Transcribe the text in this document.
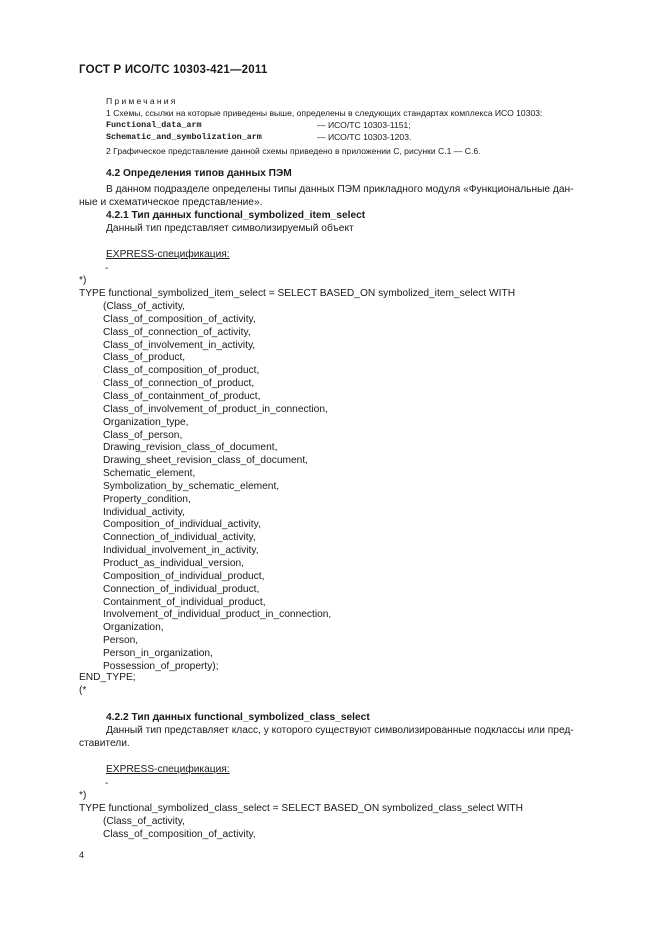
ГОСТ Р ИСО/ТС 10303-421—2011
Примечания
1 Схемы, ссылки на которые приведены выше, определены в следующих стандартах комплекса ИСО 10303:
Functional_data_arm	— ИСО/ТС 10303-1151;
Schematic_and_symbolization_arm	— ИСО/ТС 10303-1203.
2 Графическое представление данной схемы приведено в приложении C, рисунки C.1 — C.6.
4.2 Определения типов данных ПЭМ
В данном подразделе определены типы данных ПЭМ прикладного модуля «Функциональные дан-
ные и схематическое представление».
4.2.1 Тип данных functional_symbolized_item_select
Данный тип представляет символизируемый объект
EXPRESS-спецификация:
-
*)
TYPE functional_symbolized_item_select = SELECT BASED_ON symbolized_item_select WITH
(Class_of_activity,
Class_of_composition_of_activity,
Class_of_connection_of_activity,
Class_of_involvement_in_activity,
Class_of_product,
Class_of_composition_of_product,
Class_of_connection_of_product,
Class_of_containment_of_product,
Class_of_involvement_of_product_in_connection,
Organization_type,
Class_of_person,
Drawing_revision_class_of_document,
Drawing_sheet_revision_class_of_document,
Schematic_element,
Symbolization_by_schematic_element,
Property_condition,
Individual_activity,
Composition_of_individual_activity,
Connection_of_individual_activity,
Individual_involvement_in_activity,
Product_as_individual_version,
Composition_of_individual_product,
Connection_of_individual_product,
Containment_of_individual_product,
Involvement_of_individual_product_in_connection,
Organization,
Person,
Person_in_organization,
Possession_of_property);
END_TYPE;
(*
4.2.2 Тип данных functional_symbolized_class_select
Данный тип представляет класс, у которого существуют символизированные подклассы или пред-
ставители.
EXPRESS-спецификация:
-
*)
TYPE functional_symbolized_class_select = SELECT BASED_ON symbolized_class_select WITH
(Class_of_activity,
Class_of_composition_of_activity,
4
